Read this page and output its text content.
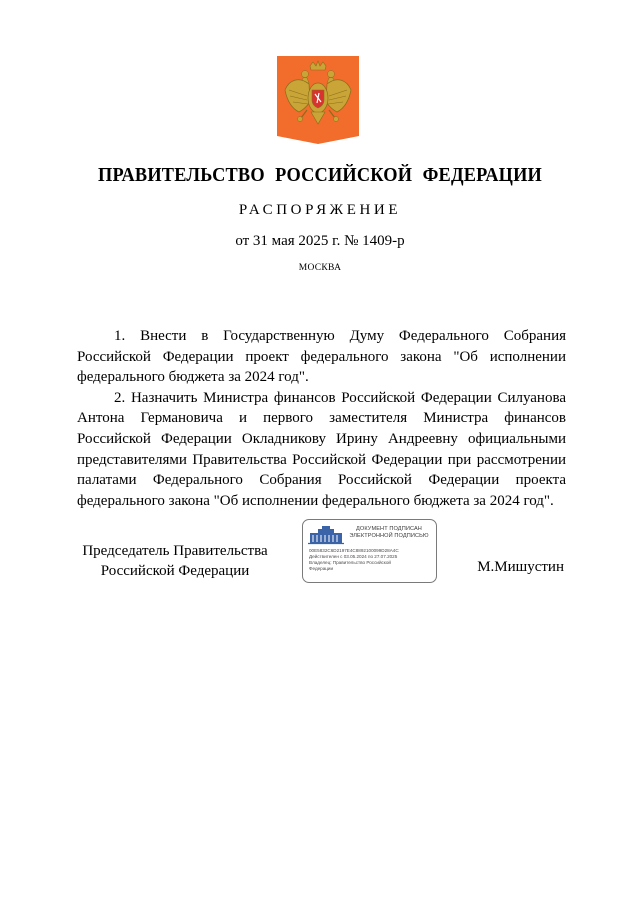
ПРАВИТЕЛЬСТВО РОССИЙСКОЙ ФЕДЕРАЦИИ
РАСПОРЯЖЕНИЕ
от 31 мая 2025 г. № 1409-р
МОСКВА

1. Внести в Государственную Думу Федерального Собрания Российской Федерации проект федерального закона "Об исполнении федерального бюджета за 2024 год".

2. Назначить Министра финансов Российской Федерации Силуанова Антона Германовича и первого заместителя Министра финансов Российской Федерации Окладникову Ирину Андреевну официальными представителями Правительства Российской Федерации при рассмотрении палатами Федерального Собрания Российской Федерации проекта федерального закона "Об исполнении федерального бюджета за 2024 год".

Председатель Правительства
Российской Федерации
ДОКУМЕНТ ПОДПИСАН
ЭЛЕКТРОННОЙ ПОДПИСЬЮ
00E5832C6D2197E4C8892100099D28A4C
Действителен с 03.05.2024 по 27.07.2025
Владелец: Правительство Российской
Федерации	М.Мишустин
